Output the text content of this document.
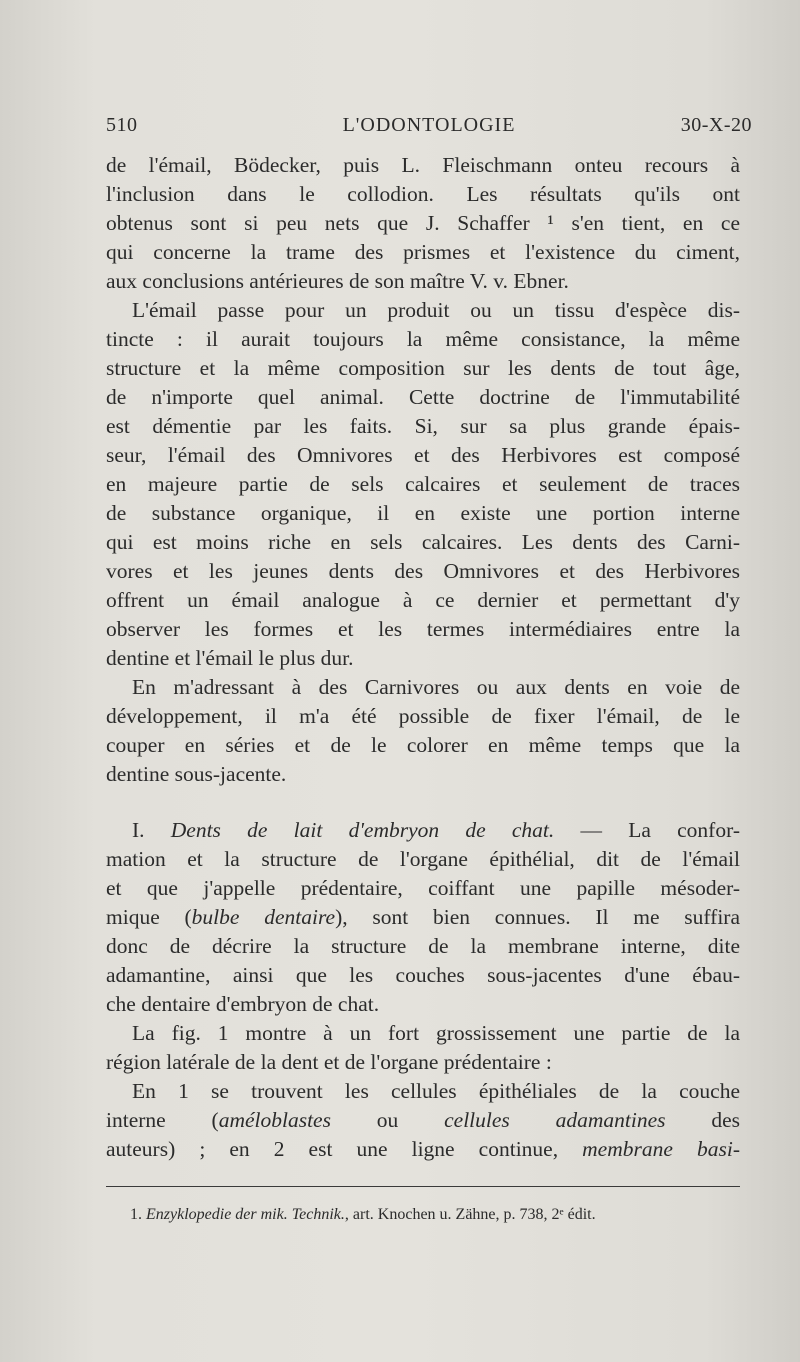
510	L'ODONTOLOGIE	30-X-20
de l'émail, Bödecker, puis L. Fleischmann onteu recours à
l'inclusion dans le collodion. Les résultats qu'ils ont
obtenus sont si peu nets que J. Schaffer ¹ s'en tient, en ce
qui concerne la trame des prismes et l'existence du ciment,
aux conclusions antérieures de son maître V. v. Ebner.
L'émail passe pour un produit ou un tissu d'espèce dis-
tincte : il aurait toujours la même consistance, la même
structure et la même composition sur les dents de tout âge,
de n'importe quel animal. Cette doctrine de l'immutabilité
est démentie par les faits. Si, sur sa plus grande épais-
seur, l'émail des Omnivores et des Herbivores est composé
en majeure partie de sels calcaires et seulement de traces
de substance organique, il en existe une portion interne
qui est moins riche en sels calcaires. Les dents des Carni-
vores et les jeunes dents des Omnivores et des Herbivores
offrent un émail analogue à ce dernier et permettant d'y
observer les formes et les termes intermédiaires entre la
dentine et l'émail le plus dur.
En m'adressant à des Carnivores ou aux dents en voie de
développement, il m'a été possible de fixer l'émail, de le
couper en séries et de le colorer en même temps que la
dentine sous-jacente.
I. Dents de lait d'embryon de chat. — La confor-
mation et la structure de l'organe épithélial, dit de l'émail
et que j'appelle prédentaire, coiffant une papille mésoder-
mique (bulbe dentaire), sont bien connues. Il me suffira
donc de décrire la structure de la membrane interne, dite
adamantine, ainsi que les couches sous-jacentes d'une ébau-
che dentaire d'embryon de chat.
La fig. 1 montre à un fort grossissement une partie de la
région latérale de la dent et de l'organe prédentaire :
En 1 se trouvent les cellules épithéliales de la couche
interne (améloblastes ou cellules adamantines des
auteurs) ; en 2 est une ligne continue, membrane basi-
1. Enzyklopedie der mik. Technik., art. Knochen u. Zähne, p. 738, 2ᵉ édit.
